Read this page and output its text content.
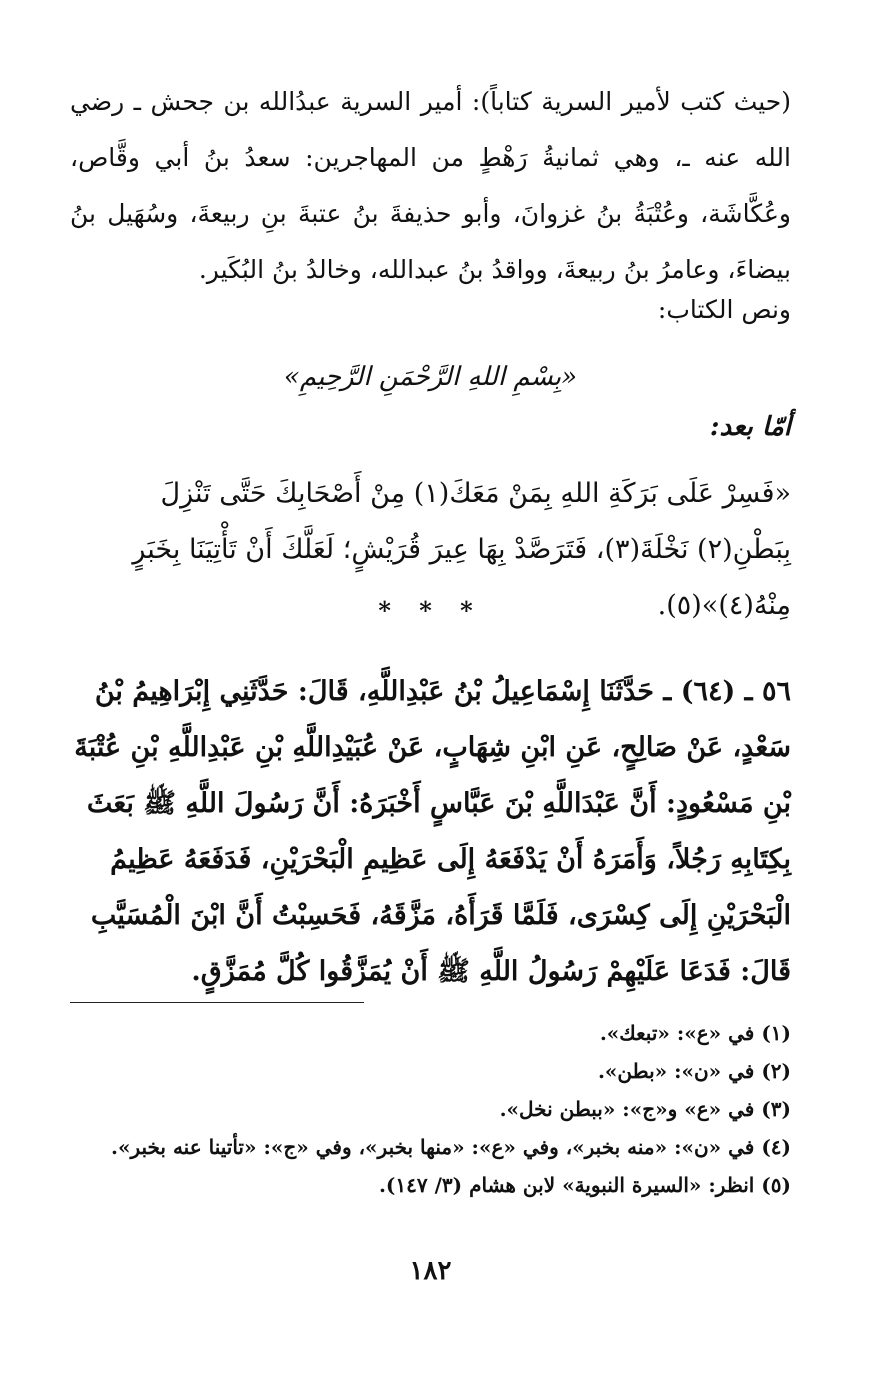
(حيث كتب لأمير السرية كتاباً): أمير السرية عبدُالله بن جحش ـ رضي الله عنه ـ، وهي ثمانيةُ رَهْطٍ من المهاجرين: سعدُ بنُ أبي وقَّاص، وعُكَّاشَة، وعُتْبَةُ بنُ غزوانَ، وأبو حذيفةَ بنُ عتبةَ بنِ ربيعةَ، وسُهَيل بنُ بيضاءَ، وعامرُ بنُ ربيعةَ، وواقدُ بنُ عبدالله، وخالدُ بنُ البُكَير.

ونص الكتاب:
«بِسْمِ اللهِ الرَّحْمَنِ الرَّحِيمِ»
أمّا بعد:

«فَسِرْ عَلَى بَرَكَةِ اللهِ بِمَنْ مَعَكَ(١) مِنْ أَصْحَابِكَ حَتَّى تَنْزِلَ بِبَطْنِ(٢) نَخْلَةَ(٣)، فَتَرَصَّدْ بِهَا عِيرَ قُرَيْشٍ؛ لَعَلَّكَ أَنْ تَأْتِيَنَا بِخَبَرٍ مِنْهُ(٤)»(٥).

* * *

٥٦ ـ (٦٤) ـ حَدَّثَنَا إِسْمَاعِيلُ بْنُ عَبْدِاللَّهِ، قَالَ: حَدَّثَنِي إِبْرَاهِيمُ بْنُ سَعْدٍ، عَنْ صَالِحٍ، عَنِ ابْنِ شِهَابٍ، عَنْ عُبَيْدِاللَّهِ بْنِ عَبْدِاللَّهِ بْنِ عُتْبَةَ بْنِ مَسْعُودٍ: أَنَّ عَبْدَاللَّهِ بْنَ عَبَّاسٍ أَخْبَرَهُ: أَنَّ رَسُولَ اللَّهِ ﷺ بَعَثَ بِكِتَابِهِ رَجُلاً، وَأَمَرَهُ أَنْ يَدْفَعَهُ إِلَى عَظِيمِ الْبَحْرَيْنِ، فَدَفَعَهُ عَظِيمُ الْبَحْرَيْنِ إِلَى كِسْرَى، فَلَمَّا قَرَأَهُ، مَزَّقَهُ، فَحَسِبْتُ أَنَّ ابْنَ الْمُسَيَّبِ قَالَ: فَدَعَا عَلَيْهِمْ رَسُولُ اللَّهِ ﷺ أَنْ يُمَزَّقُوا كُلَّ مُمَزَّقٍ.

(١) في «ع»: «تبعك».
(٢) في «ن»: «بطن».
(٣) في «ع» و«ج»: «ببطن نخل».
(٤) في «ن»: «منه بخبر»، وفي «ع»: «منها بخبر»، وفي «ج»: «تأتينا عنه بخبر».
(٥) انظر: «السيرة النبوية» لابن هشام (٣/ ١٤٧).
١٨٢
